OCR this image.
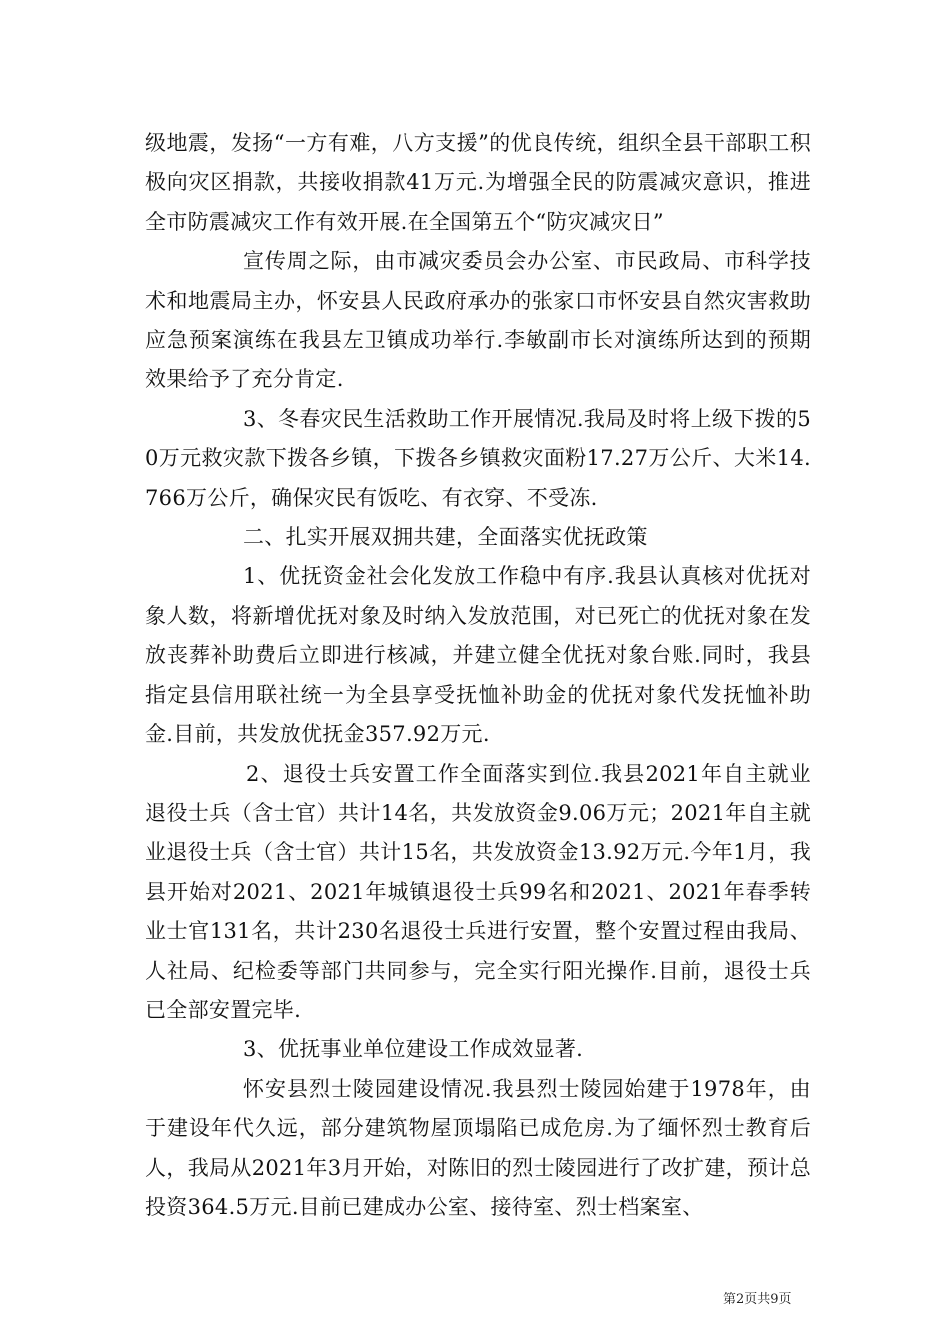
级地震，发扬“一方有难，八方支援”的优良传统，组织全县干部职工积极向灾区捐款，共接收捐款41万元.为增强全民的防震减灾意识，推进全市防震减灾工作有效开展.在全国第五个“防灾减灾日”

宣传周之际，由市减灾委员会办公室、市民政局、市科学技术和地震局主办，怀安县人民政府承办的张家口市怀安县自然灾害救助应急预案演练在我县左卫镇成功举行.李敏副市长对演练所达到的预期效果给予了充分肯定.

3、冬春灾民生活救助工作开展情况.我局及时将上级下拨的50万元救灾款下拨各乡镇，下拨各乡镇救灾面粉17.27万公斤、大米14.766万公斤，确保灾民有饭吃、有衣穿、不受冻.

二、扎实开展双拥共建，全面落实优抚政策

1、优抚资金社会化发放工作稳中有序.我县认真核对优抚对象人数，将新增优抚对象及时纳入发放范围，对已死亡的优抚对象在发放丧葬补助费后立即进行核减，并建立健全优抚对象台账.同时，我县指定县信用联社统一为全县享受抚恤补助金的优抚对象代发抚恤补助金.目前，共发放优抚金357.92万元.

2、退役士兵安置工作全面落实到位.我县2021年自主就业退役士兵（含士官）共计14名，共发放资金9.06万元；2021年自主就业退役士兵（含士官）共计15名，共发放资金13.92万元.今年1月，我县开始对2021、2021年城镇退役士兵99名和2021、2021年春季转业士官131名，共计230名退役士兵进行安置，整个安置过程由我局、人社局、纪检委等部门共同参与，完全实行阳光操作.目前，退役士兵已全部安置完毕.

3、优抚事业单位建设工作成效显著.

怀安县烈士陵园建设情况.我县烈士陵园始建于1978年，由于建设年代久远，部分建筑物屋顶塌陷已成危房.为了缅怀烈士教育后人，我局从2021年3月开始，对陈旧的烈士陵园进行了改扩建，预计总投资364.5万元.目前已建成办公室、接待室、烈士档案室、

第2页共9页
